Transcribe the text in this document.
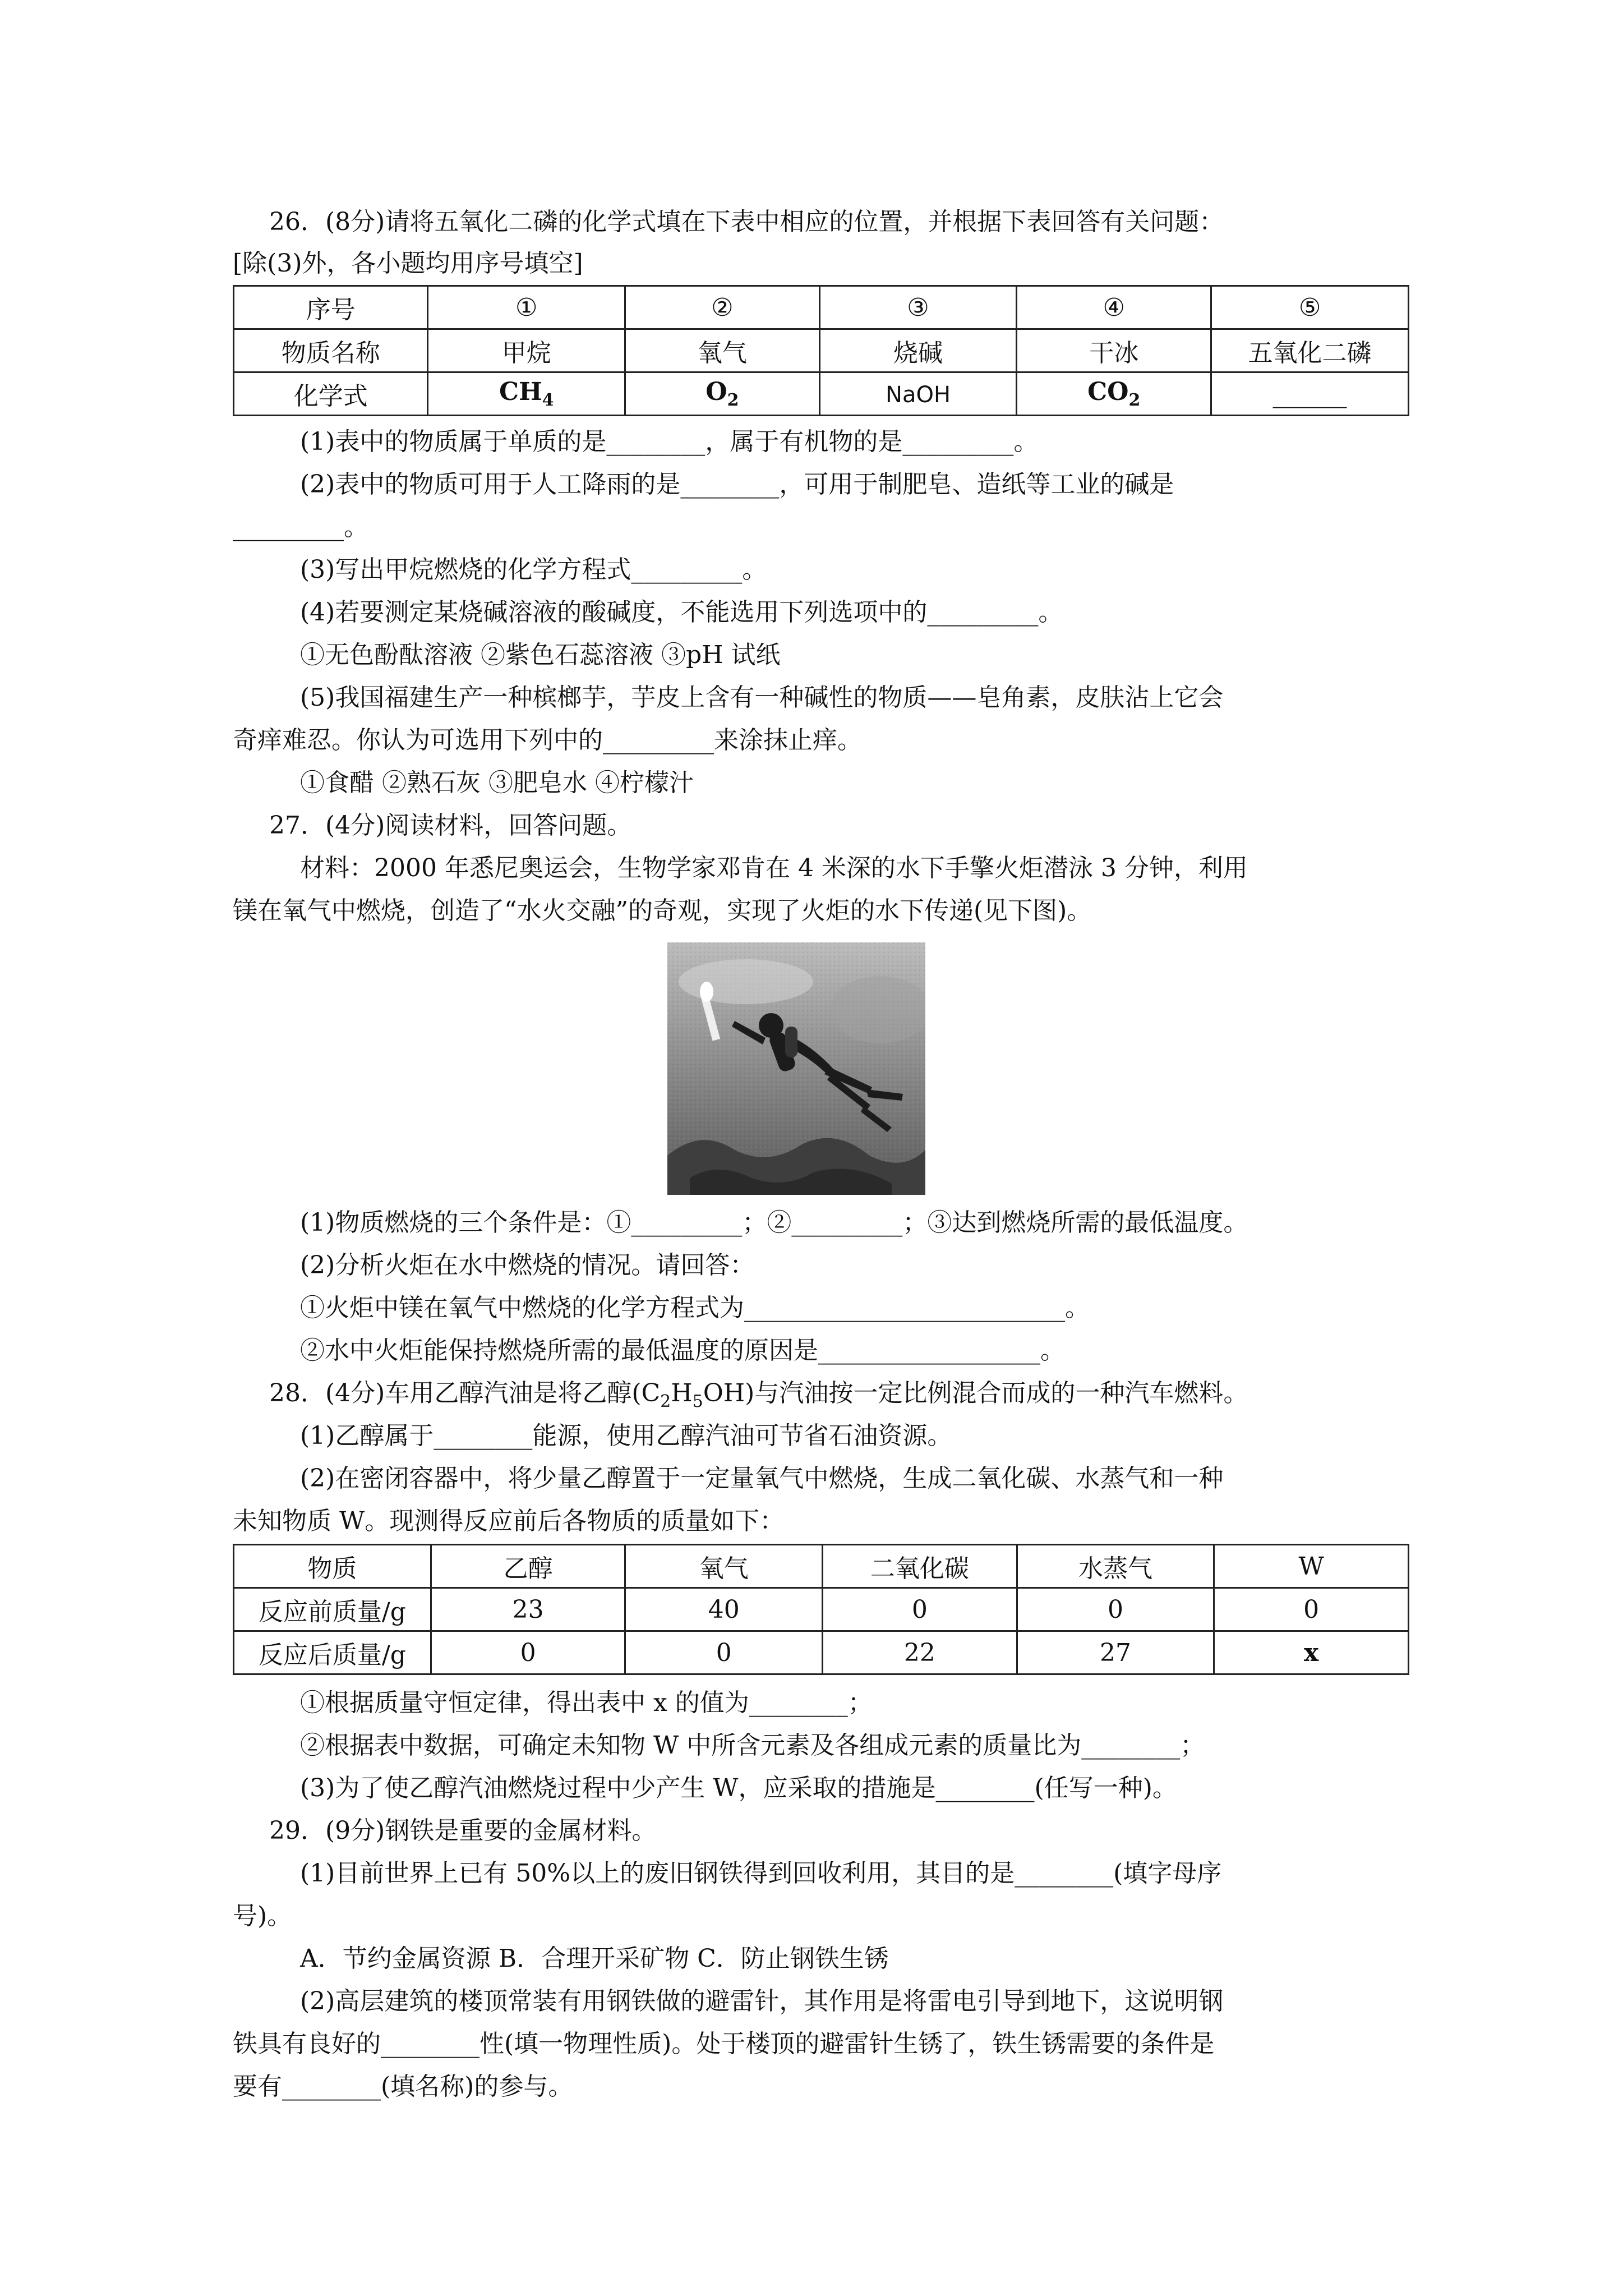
26．(8分)请将五氧化二磷的化学式填在下表中相应的位置，并根据下表回答有关问题：
[除(3)外，各小题均用序号填空]
序号	①	②	③	④	⑤
物质名称	甲烷	氧气	烧碱	干冰	五氧化二磷
化学式	$CH_4$	$O_2$	NaOH	$CO_2$	______
(1)表中的物质属于单质的是________，属于有机物的是_________。
(2)表中的物质可用于人工降雨的是________，可用于制肥皂、造纸等工业的碱是
_________。
(3)写出甲烷燃烧的化学方程式_________。
(4)若要测定某烧碱溶液的酸碱度，不能选用下列选项中的_________。
①无色酚酞溶液 ②紫色石蕊溶液 ③pH 试纸
(5)我国福建生产一种槟榔芋，芋皮上含有一种碱性的物质——皂角素，皮肤沾上它会
奇痒难忍。你认为可选用下列中的_________来涂抹止痒。
①食醋 ②熟石灰 ③肥皂水 ④柠檬汁
27．(4分)阅读材料，回答问题。
材料：2000 年悉尼奥运会，生物学家邓肯在 4 米深的水下手擎火炬潜泳 3 分钟，利用
镁在氧气中燃烧，创造了“水火交融”的奇观，实现了火炬的水下传递(见下图)。
(1)物质燃烧的三个条件是：①_________；②_________；③达到燃烧所需的最低温度。
(2)分析火炬在水中燃烧的情况。请回答：
①火炬中镁在氧气中燃烧的化学方程式为__________________________。
②水中火炬能保持燃烧所需的最低温度的原因是__________________。
28．(4分)车用乙醇汽油是将乙醇$(C_2H_5OH)$与汽油按一定比例混合而成的一种汽车燃料。
(1)乙醇属于________能源，使用乙醇汽油可节省石油资源。
(2)在密闭容器中，将少量乙醇置于一定量氧气中燃烧，生成二氧化碳、水蒸气和一种
未知物质 W。现测得反应前后各物质的质量如下：
物质	乙醇	氧气	二氧化碳	水蒸气	W
反应前质量/g	23	40	0	0	0
反应后质量/g	0	0	22	27	x
①根据质量守恒定律，得出表中 x 的值为________；
②根据表中数据，可确定未知物 W 中所含元素及各组成元素的质量比为________；
(3)为了使乙醇汽油燃烧过程中少产生 W，应采取的措施是________(任写一种)。
29．(9分)钢铁是重要的金属材料。
(1)目前世界上已有 50%以上的废旧钢铁得到回收利用，其目的是________(填字母序
号)。
A．节约金属资源 B．合理开采矿物 C．防止钢铁生锈
(2)高层建筑的楼顶常装有用钢铁做的避雷针，其作用是将雷电引导到地下，这说明钢
铁具有良好的________性(填一物理性质)。处于楼顶的避雷针生锈了，铁生锈需要的条件是
要有________(填名称)的参与。
